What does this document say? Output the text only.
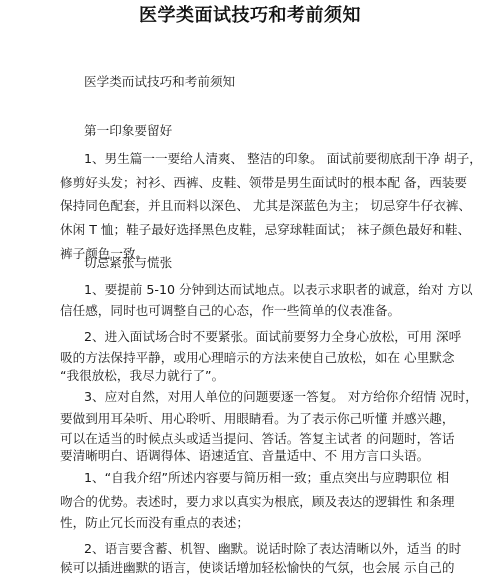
医学类面试技巧和考前须知
医学类而试技巧和考前须知
第一印象要留好
1、男生篇一一要给人清爽、 整洁的印象。 面试前要彻底刮干净 胡子，
修剪好头发；衬衫、西裤、皮鞋、领带是男生面试时的根本配 备，西装要
保持同色配套，并且而料以深色、 尤其是深蓝色为主； 切忌穿牛仔衣裤、
休闲 T 恤；鞋子最好选择黑色皮鞋，忌穿球鞋面试； 袜子颜色最好和鞋、
裤子颜色一致。
切忌紧张与慌张
1、要提前 5-10 分钟到达而试地点。以表示求职者的诚意，绐对 方以
信任感，同时也可调整自己的心态，作一些简单的仪表准备。
2、进入面试场合时不要紧张。面试前要努力全身心放松，可用 深呼
吸的方法保持平静，或用心理暗示的方法来使自己放松，如在 心里默念
“我很放松，我尽力就行了”。
3、应对自然，对用人单位的问题要逐一答复。 对方给你介绍情 况时，
要做到用耳朵听、用心聆听、用眼睛看。为了表示你己听懂 并感兴趣，
可以在适当的时候点头或适当提问、答话。答复主试者 的问题时，答话
要清晰明白、语调得体、语速适宜、音量适中、不 用方言口头语。
1、“自我介绍”所述内容要与简历相一致；重点突出与应聘职位 相
吻合的优势。表述时，要力求以真实为根底，顾及表达的逻辑性 和条理
性，防止冗长而没有重点的表述；
2、语言要含蓄、机智、幽默。说话时除了表达清晰以外，适当 的时
候可以插进幽默的语言，使谈话增加轻松愉快的气氛，也会展 示自己的
